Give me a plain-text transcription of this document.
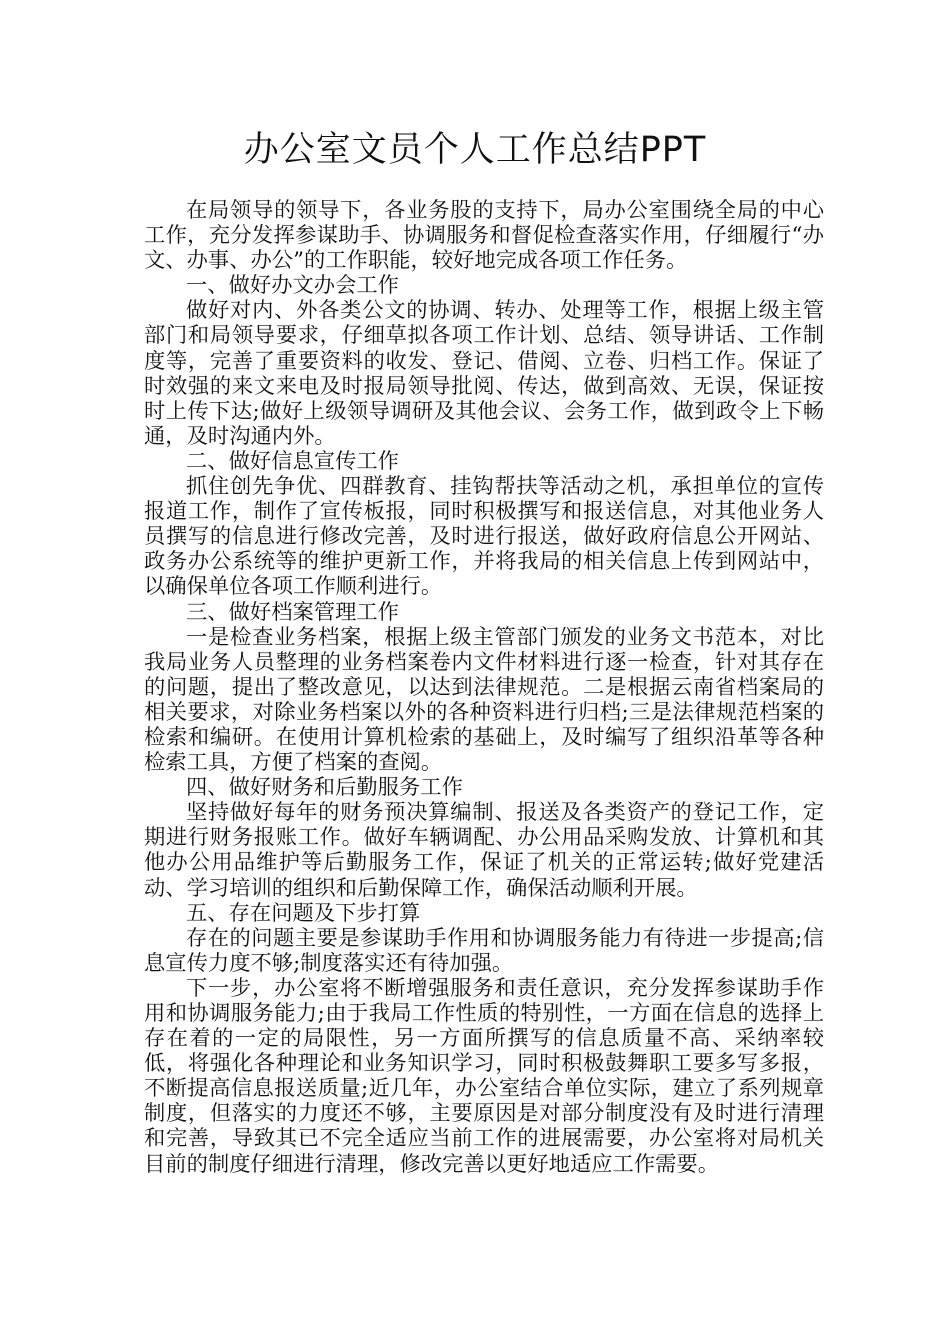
办公室文员个人工作总结PPT

在局领导的领导下，各业务股的支持下，局办公室围绕全局的中心工作，充分发挥参谋助手、协调服务和督促检查落实作用，仔细履行“办文、办事、办公”的工作职能，较好地完成各项工作任务。

一、做好办文办会工作

做好对内、外各类公文的协调、转办、处理等工作，根据上级主管部门和局领导要求，仔细草拟各项工作计划、总结、领导讲话、工作制度等，完善了重要资料的收发、登记、借阅、立卷、归档工作。保证了时效强的来文来电及时报局领导批阅、传达，做到高效、无误，保证按时上传下达;做好上级领导调研及其他会议、会务工作，做到政令上下畅通，及时沟通内外。

二、做好信息宣传工作

抓住创先争优、四群教育、挂钩帮扶等活动之机，承担单位的宣传报道工作，制作了宣传板报，同时积极撰写和报送信息，对其他业务人员撰写的信息进行修改完善，及时进行报送，做好政府信息公开网站、政务办公系统等的维护更新工作，并将我局的相关信息上传到网站中，以确保单位各项工作顺利进行。

三、做好档案管理工作

一是检查业务档案，根据上级主管部门颁发的业务文书范本，对比我局业务人员整理的业务档案卷内文件材料进行逐一检查，针对其存在的问题，提出了整改意见，以达到法律规范。二是根据云南省档案局的相关要求，对除业务档案以外的各种资料进行归档;三是法律规范档案的检索和编研。在使用计算机检索的基础上，及时编写了组织沿革等各种检索工具，方便了档案的查阅。

四、做好财务和后勤服务工作

坚持做好每年的财务预决算编制、报送及各类资产的登记工作，定期进行财务报账工作。做好车辆调配、办公用品采购发放、计算机和其他办公用品维护等后勤服务工作，保证了机关的正常运转;做好党建活动、学习培训的组织和后勤保障工作，确保活动顺利开展。

五、存在问题及下步打算

存在的问题主要是参谋助手作用和协调服务能力有待进一步提高;信息宣传力度不够;制度落实还有待加强。

下一步，办公室将不断增强服务和责任意识，充分发挥参谋助手作用和协调服务能力;由于我局工作性质的特别性，一方面在信息的选择上存在着的一定的局限性，另一方面所撰写的信息质量不高、采纳率较低，将强化各种理论和业务知识学习，同时积极鼓舞职工要多写多报，不断提高信息报送质量;近几年，办公室结合单位实际，建立了系列规章制度，但落实的力度还不够，主要原因是对部分制度没有及时进行清理和完善，导致其已不完全适应当前工作的进展需要，办公室将对局机关目前的制度仔细进行清理，修改完善以更好地适应工作需要。
